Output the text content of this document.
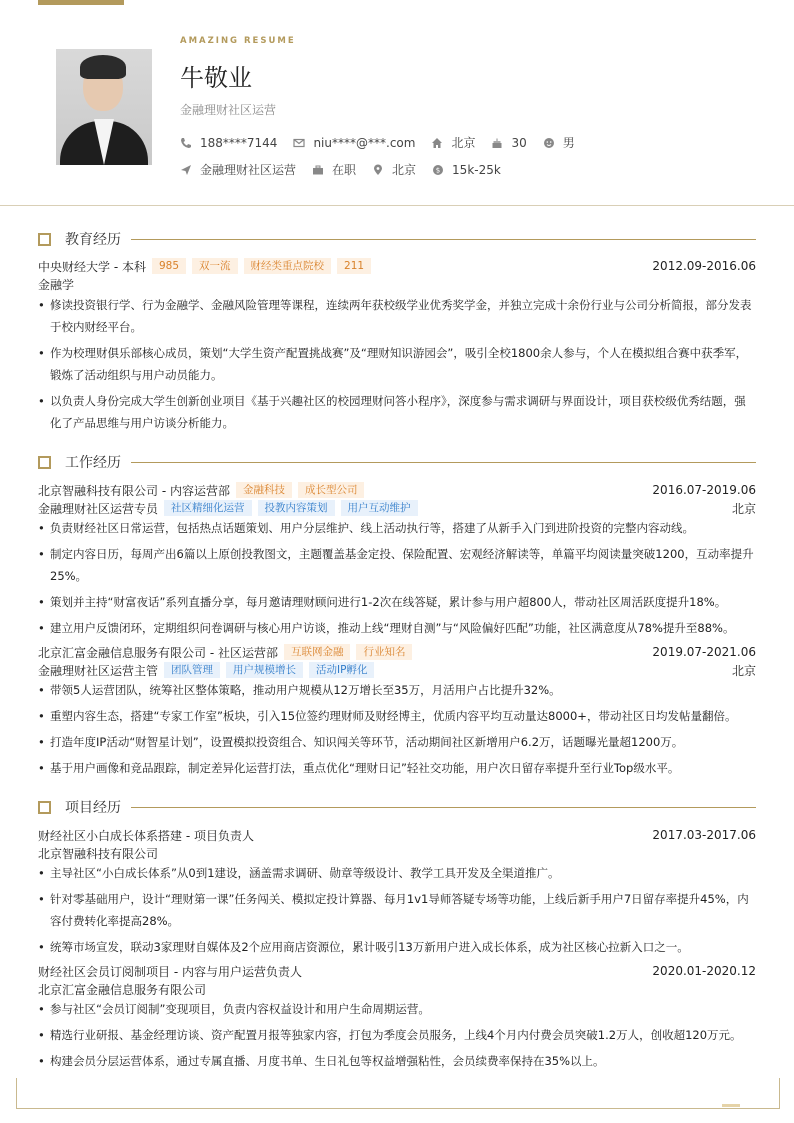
AMAZING RESUME
牛敬业
金融理财社区运营
188****7144	niu****@***.com	北京	30	男
金融理财社区运营	在职	北京	$ 15k-25k
教育经历
中央财经大学 - 本科	985	双一流	财经类重点院校	211	2012.09-2016.06
金融学
• 修读投资银行学、行为金融学、金融风险管理等课程，连续两年获校级学业优秀奖学金，并独立完成十余份行业与公司分析简报，部分发表于校内财经平台。
• 作为校理财俱乐部核心成员，策划“大学生资产配置挑战赛”及“理财知识游园会”，吸引全校1800余人参与，个人在模拟组合赛中获季军，锻炼了活动组织与用户动员能力。
• 以负责人身份完成大学生创新创业项目《基于兴趣社区的校园理财问答小程序》，深度参与需求调研与界面设计，项目获校级优秀结题，强化了产品思维与用户访谈分析能力。
工作经历
北京智融科技有限公司 - 内容运营部	金融科技	成长型公司	2016.07-2019.06
金融理财社区运营专员	社区精细化运营	投教内容策划	用户互动维护	北京
• 负责财经社区日常运营，包括热点话题策划、用户分层维护、线上活动执行等，搭建了从新手入门到进阶投资的完整内容动线。
• 制定内容日历，每周产出6篇以上原创投教图文，主题覆盖基金定投、保险配置、宏观经济解读等，单篇平均阅读量突破1200，互动率提升25%。
• 策划并主持“财富夜话”系列直播分享，每月邀请理财顾问进行1-2次在线答疑，累计参与用户超800人，带动社区周活跃度提升18%。
• 建立用户反馈闭环，定期组织问卷调研与核心用户访谈，推动上线“理财自测”与“风险偏好匹配”功能，社区满意度从78%提升至88%。
北京汇富金融信息服务有限公司 - 社区运营部	互联网金融	行业知名	2019.07-2021.06
金融理财社区运营主管	团队管理	用户规模增长	活动IP孵化	北京
• 带领5人运营团队，统筹社区整体策略，推动用户规模从12万增长至35万，月活用户占比提升32%。
• 重塑内容生态，搭建“专家工作室”板块，引入15位签约理财师及财经博主，优质内容平均互动量达8000+，带动社区日均发帖量翻倍。
• 打造年度IP活动“财智星计划”，设置模拟投资组合、知识闯关等环节，活动期间社区新增用户6.2万，话题曝光量超1200万。
• 基于用户画像和竞品跟踪，制定差异化运营打法，重点优化“理财日记”轻社交功能，用户次日留存率提升至行业Top级水平。
项目经历
财经社区小白成长体系搭建 - 项目负责人	2017.03-2017.06
北京智融科技有限公司
• 主导社区“小白成长体系”从0到1建设，涵盖需求调研、勋章等级设计、教学工具开发及全渠道推广。
• 针对零基础用户，设计“理财第一课”任务闯关、模拟定投计算器、每月1v1导师答疑专场等功能，上线后新手用户7日留存率提升45%，内容付费转化率提高28%。
• 统筹市场宣发，联动3家理财自媒体及2个应用商店资源位，累计吸引13万新用户进入成长体系，成为社区核心拉新入口之一。
财经社区会员订阅制项目 - 内容与用户运营负责人	2020.01-2020.12
北京汇富金融信息服务有限公司
• 参与社区“会员订阅制”变现项目，负责内容权益设计和用户生命周期运营。
• 精选行业研报、基金经理访谈、资产配置月报等独家内容，打包为季度会员服务，上线4个月内付费会员突破1.2万人，创收超120万元。
• 构建会员分层运营体系，通过专属直播、月度书单、生日礼包等权益增强粘性，会员续费率保持在35%以上。
